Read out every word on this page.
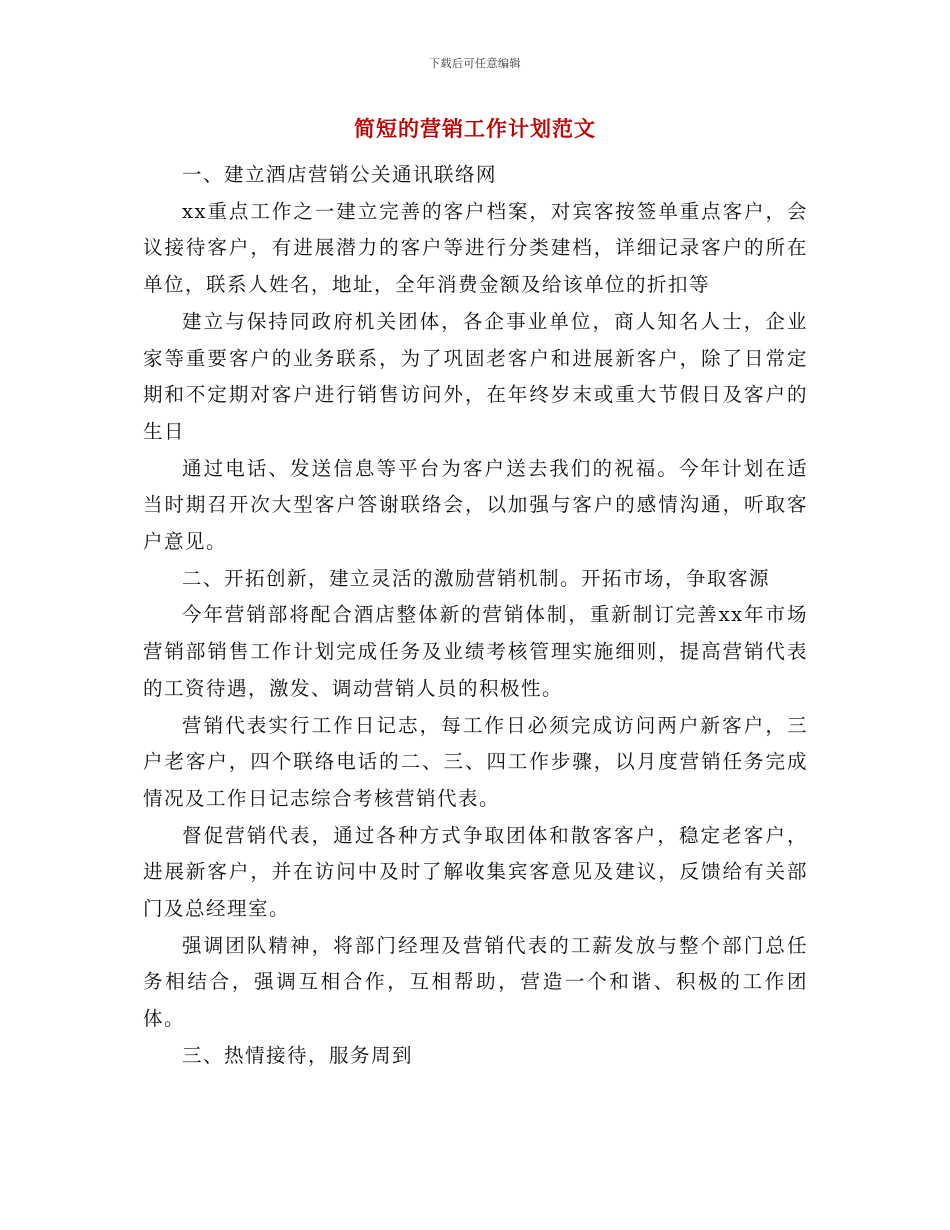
下载后可任意编辑
简短的营销工作计划范文

一、建立酒店营销公关通讯联络网

xx重点工作之一建立完善的客户档案，对宾客按签单重点客户，会议接待客户，有进展潜力的客户等进行分类建档，详细记录客户的所在单位，联系人姓名，地址，全年消费金额及给该单位的折扣等

建立与保持同政府机关团体，各企事业单位，商人知名人士，企业家等重要客户的业务联系，为了巩固老客户和进展新客户，除了日常定期和不定期对客户进行销售访问外，在年终岁末或重大节假日及客户的生日

通过电话、发送信息等平台为客户送去我们的祝福。今年计划在适当时期召开次大型客户答谢联络会，以加强与客户的感情沟通，听取客户意见。

二、开拓创新，建立灵活的激励营销机制。开拓市场，争取客源

今年营销部将配合酒店整体新的营销体制，重新制订完善xx年市场营销部销售工作计划完成任务及业绩考核管理实施细则，提高营销代表的工资待遇，激发、调动营销人员的积极性。

营销代表实行工作日记志，每工作日必须完成访问两户新客户，三户老客户，四个联络电话的二、三、四工作步骤，以月度营销任务完成情况及工作日记志综合考核营销代表。

督促营销代表，通过各种方式争取团体和散客客户，稳定老客户，进展新客户，并在访问中及时了解收集宾客意见及建议，反馈给有关部门及总经理室。

强调团队精神，将部门经理及营销代表的工薪发放与整个部门总任务相结合，强调互相合作，互相帮助，营造一个和谐、积极的工作团体。

三、热情接待，服务周到
